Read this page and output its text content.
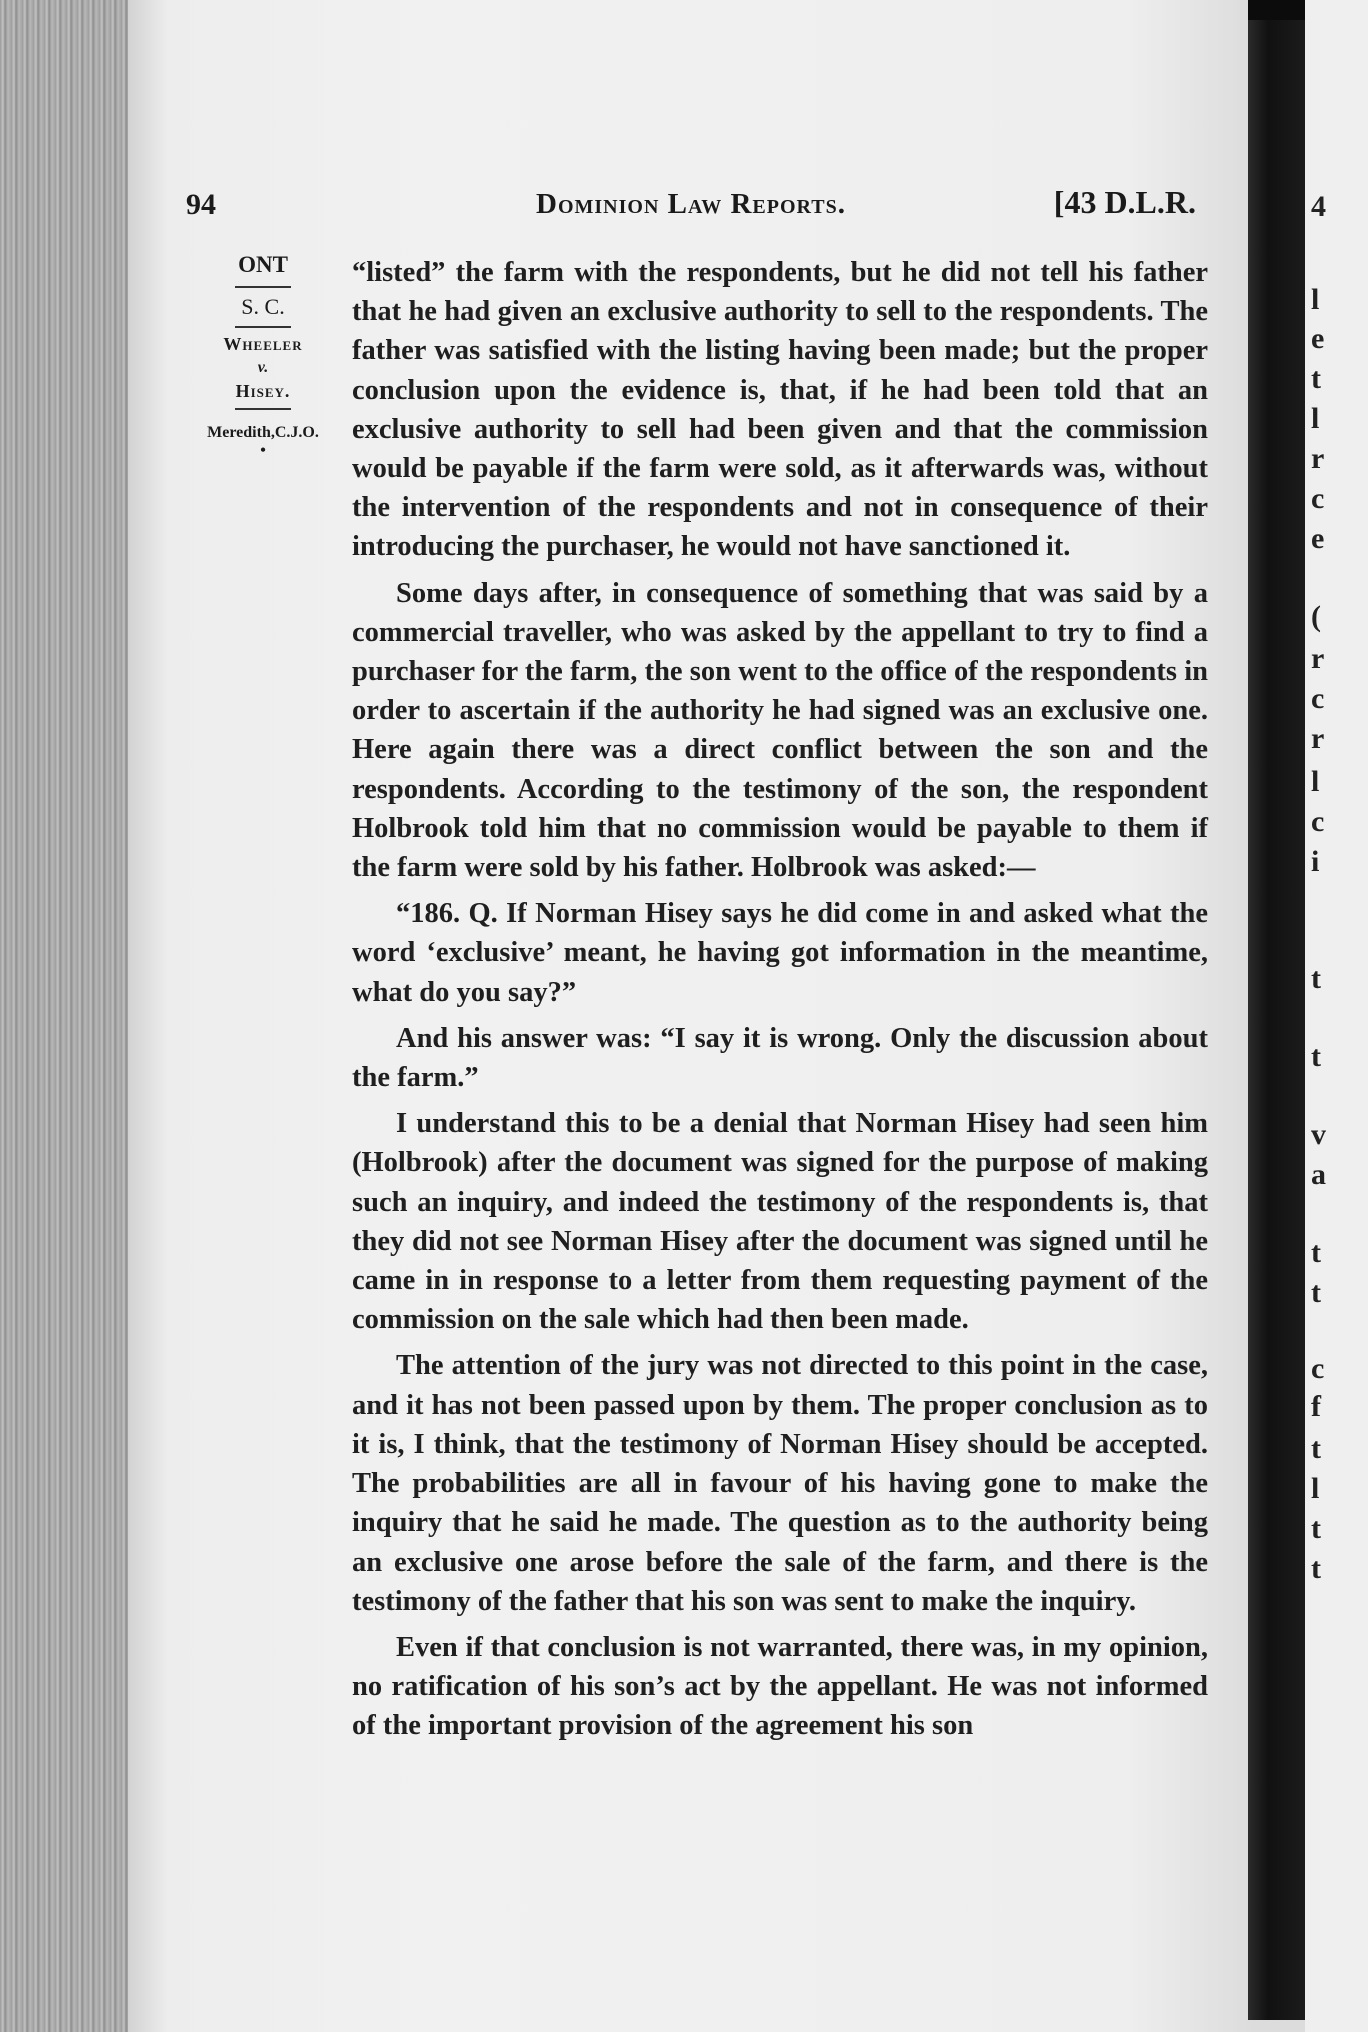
94	Dominion Law Reports.	[43 D.L.R.
ONT
S. C.
Wheeler
v.
Hisey.
Meredith,C.J.O.
•

“listed” the farm with the respondents, but he did not tell his father that he had given an exclusive authority to sell to the respondents. The father was satisfied with the listing having been made; but the proper conclusion upon the evidence is, that, if he had been told that an exclusive authority to sell had been given and that the commission would be payable if the farm were sold, as it afterwards was, without the intervention of the respondents and not in consequence of their introducing the purchaser, he would not have sanctioned it.

Some days after, in consequence of something that was said by a commercial traveller, who was asked by the appellant to try to find a purchaser for the farm, the son went to the office of the respondents in order to ascertain if the authority he had signed was an exclusive one. Here again there was a direct conflict between the son and the respondents. According to the testimony of the son, the respondent Holbrook told him that no commission would be payable to them if the farm were sold by his father. Holbrook was asked:—

“186. Q. If Norman Hisey says he did come in and asked what the word ‘exclusive’ meant, he having got information in the meantime, what do you say?”

And his answer was: “I say it is wrong. Only the discussion about the farm.”

I understand this to be a denial that Norman Hisey had seen him (Holbrook) after the document was signed for the purpose of making such an inquiry, and indeed the testimony of the respondents is, that they did not see Norman Hisey after the document was signed until he came in in response to a letter from them requesting payment of the commission on the sale which had then been made.

The attention of the jury was not directed to this point in the case, and it has not been passed upon by them. The proper conclusion as to it is, I think, that the testimony of Norman Hisey should be accepted. The probabilities are all in favour of his having gone to make the inquiry that he said he made. The question as to the authority being an exclusive one arose before the sale of the farm, and there is the testimony of the father that his son was sent to make the inquiry.

Even if that conclusion is not warranted, there was, in my opinion, no ratification of his son’s act by the appellant. He was not informed of the important provision of the agreement his son

4
l
e
t
l
r
c
e
(
r
c
r
l
c
i
t
t
v
a
t
t
c
f
t
l
t
t
